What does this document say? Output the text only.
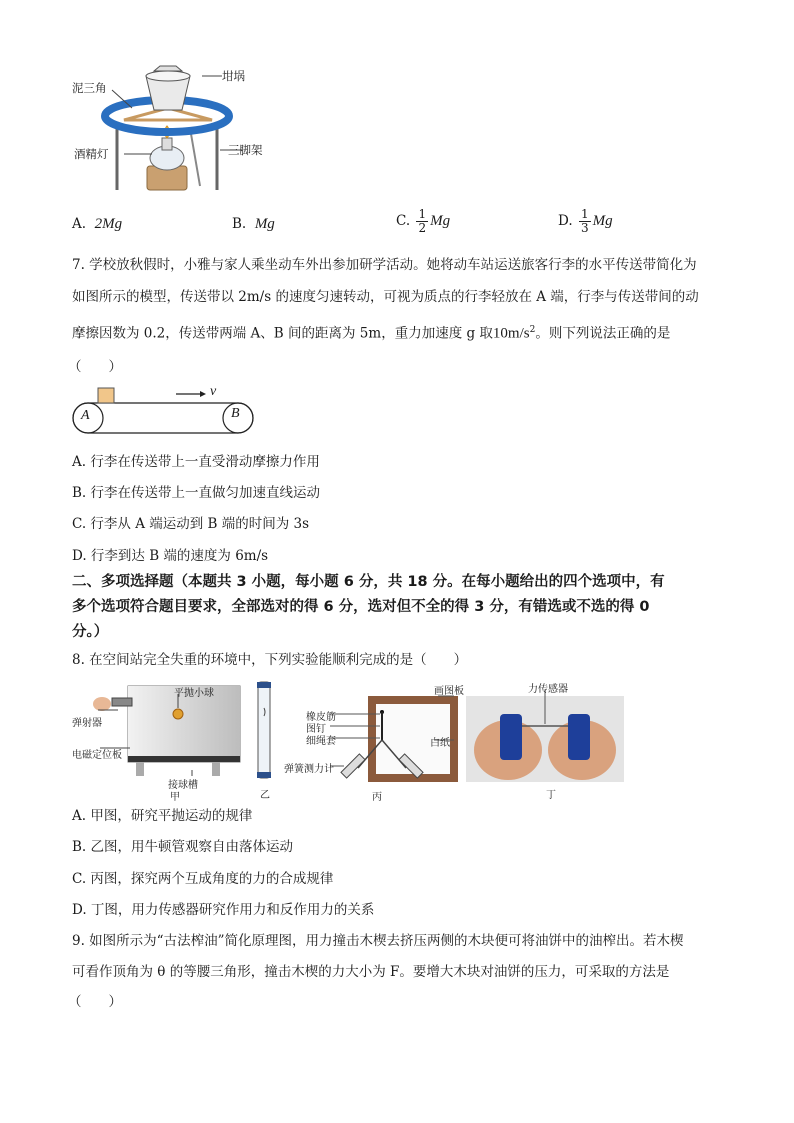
泥三角
坩埚
酒精灯	三脚架
A. 2Mg	B. Mg	C. $\frac{1}{2}$ Mg	D. $\frac{1}{3}$ Mg
7. 学校放秋假时，小雅与家人乘坐动车外出参加研学活动。她将动车站运送旅客行李的水平传送带简化为
如图所示的模型，传送带以 2m/s 的速度匀速转动，可视为质点的行李轻放在 A 端，行李与传送带间的动
摩擦因数为 0.2，传送带两端 A、B 间的距离为 5m，重力加速度 g 取$10m/s^2$。则下列说法正确的是
（　　）
v
A	B
A. 行李在传送带上一直受滑动摩擦力作用
B. 行李在传送带上一直做匀加速直线运动
C. 行李从 A 端运动到 B 端的时间为 3s
D. 行李到达 B 端的速度为 6m/s
二、多项选择题（本题共 3 小题，每小题 6 分，共 18 分。在每小题给出的四个选项中，有
多个选项符合题目要求，全部选对的得 6 分，选对但不全的得 3 分，有错选或不选的得 0
分。）
8. 在空间站完全失重的环境中，下列实验能顺利完成的是（　　）
平抛小球
弹射器
电磁定位板
接球槽
甲	乙
画图板
橡皮筋
图钉
细绳套	白纸
弹簧测力计
丙
力传感器
丁
A. 甲图，研究平抛运动的规律
B. 乙图，用牛顿管观察自由落体运动
C. 丙图，探究两个互成角度的力的合成规律
D. 丁图，用力传感器研究作用力和反作用力的关系
9. 如图所示为“古法榨油”简化原理图，用力撞击木楔去挤压两侧的木块便可将油饼中的油榨出。若木楔
可看作顶角为 θ 的等腰三角形，撞击木楔的力大小为 F。要增大木块对油饼的压力，可采取的方法是
（　　）
